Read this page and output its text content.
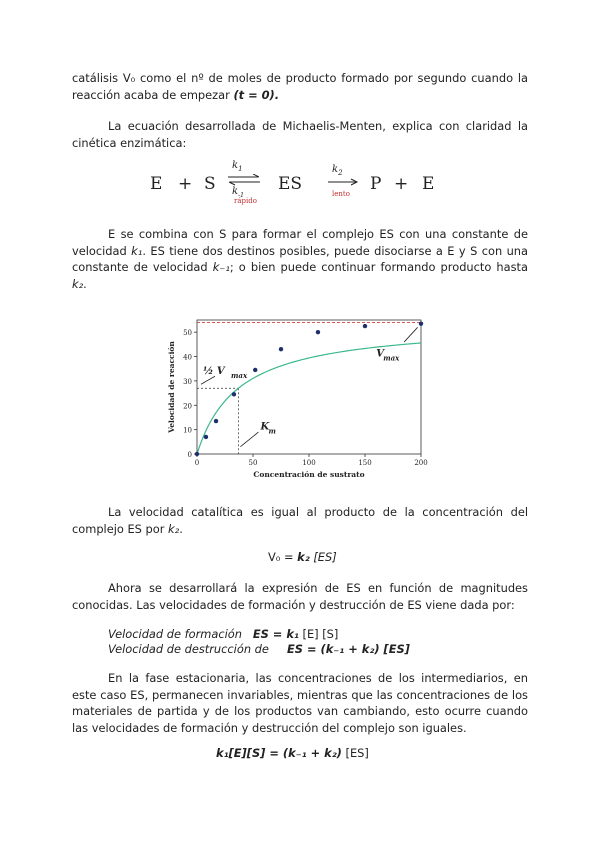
catálisis V₀ como el nº de moles de producto formado por segundo cuando la reacción acaba de empezar (t = 0).

La ecuación desarrollada de Michaelis-Menten, explica con claridad la cinética enzimática:

E + S
$k_1$
$k_{-1}$
rápido
ES
$k_2$
lento P + E

E se combina con S para formar el complejo ES con una constante de velocidad k₁. ES tiene dos destinos posibles, puede disociarse a E y S con una constante de velocidad k₋₁; o bien puede continuar formando producto hasta k₂.

0
10
20
30
40
50
0	50	100	150	200
Concentración de sustrato
Velocidad de reacción	½ V max
V max
K m

La velocidad catalítica es igual al producto de la concentración del complejo ES por k₂.

V₀ = k₂ [ES]

Ahora se desarrollará la expresión de ES en función de magnitudes conocidas. Las velocidades de formación y destrucción de ES viene dada por:

Velocidad de formación ES = k₁ [E] [S]
Velocidad de destrucción de ES = (k₋₁ + k₂) [ES]

En la fase estacionaria, las concentraciones de los intermediarios, en este caso ES, permanecen invariables, mientras que las concentraciones de los materiales de partida y de los productos van cambiando, esto ocurre cuando las velocidades de formación y destrucción del complejo son iguales.

k₁[E][S] = (k₋₁ + k₂) [ES]
